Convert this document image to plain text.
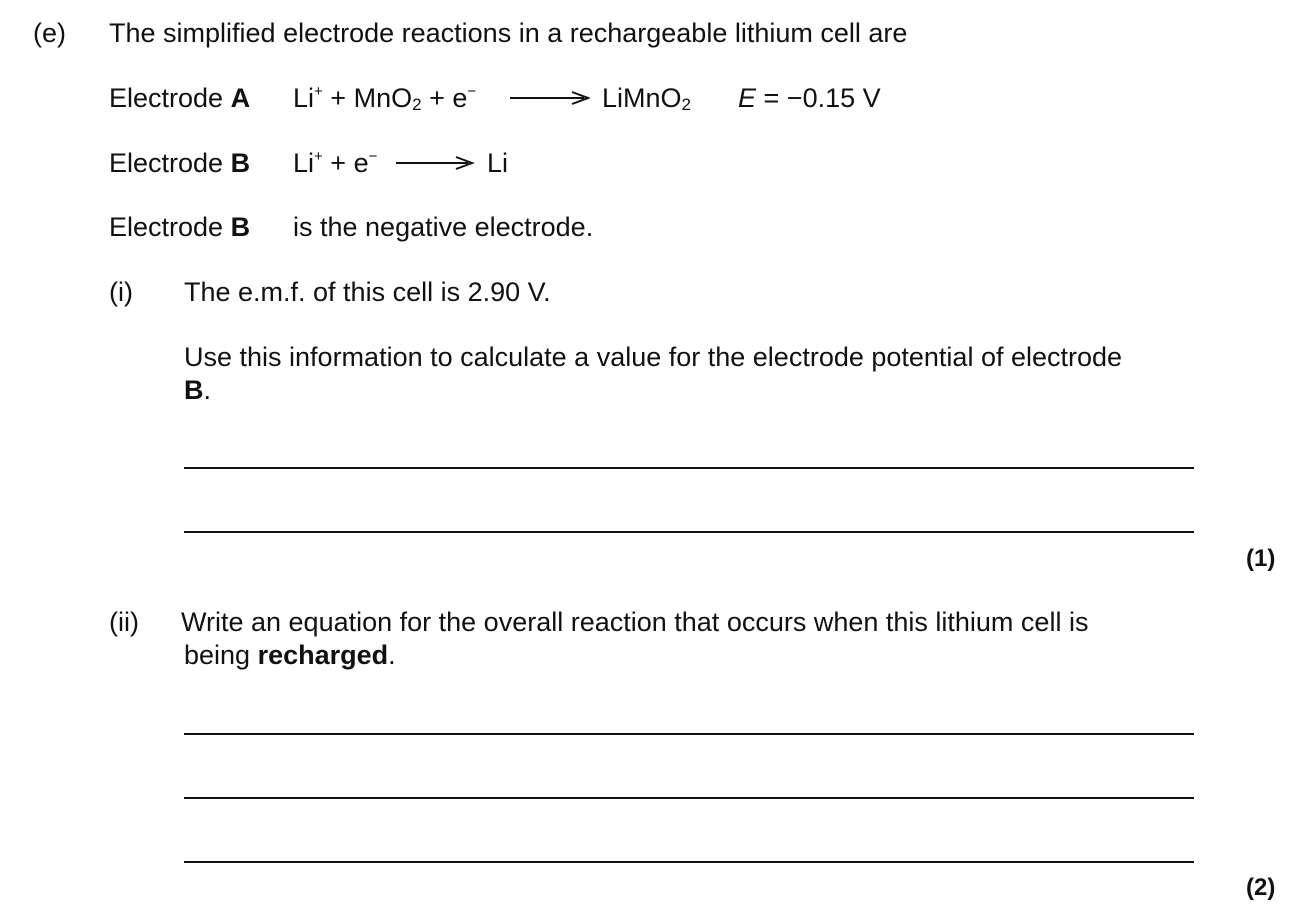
(e) The simplified electrode reactions in a rechargeable lithium cell are
Electrode A Li+ + MnO$_2$ + e− → LiMnO$_2$ E = −0.15 V
Electrode B Li+ + e− → Li
Electrode B is the negative electrode.
(i) The e.m.f. of this cell is 2.90 V.
Use this information to calculate a value for the electrode potential of electrode
B.
(1)
(ii) Write an equation for the overall reaction that occurs when this lithium cell is
being recharged.
(2)
